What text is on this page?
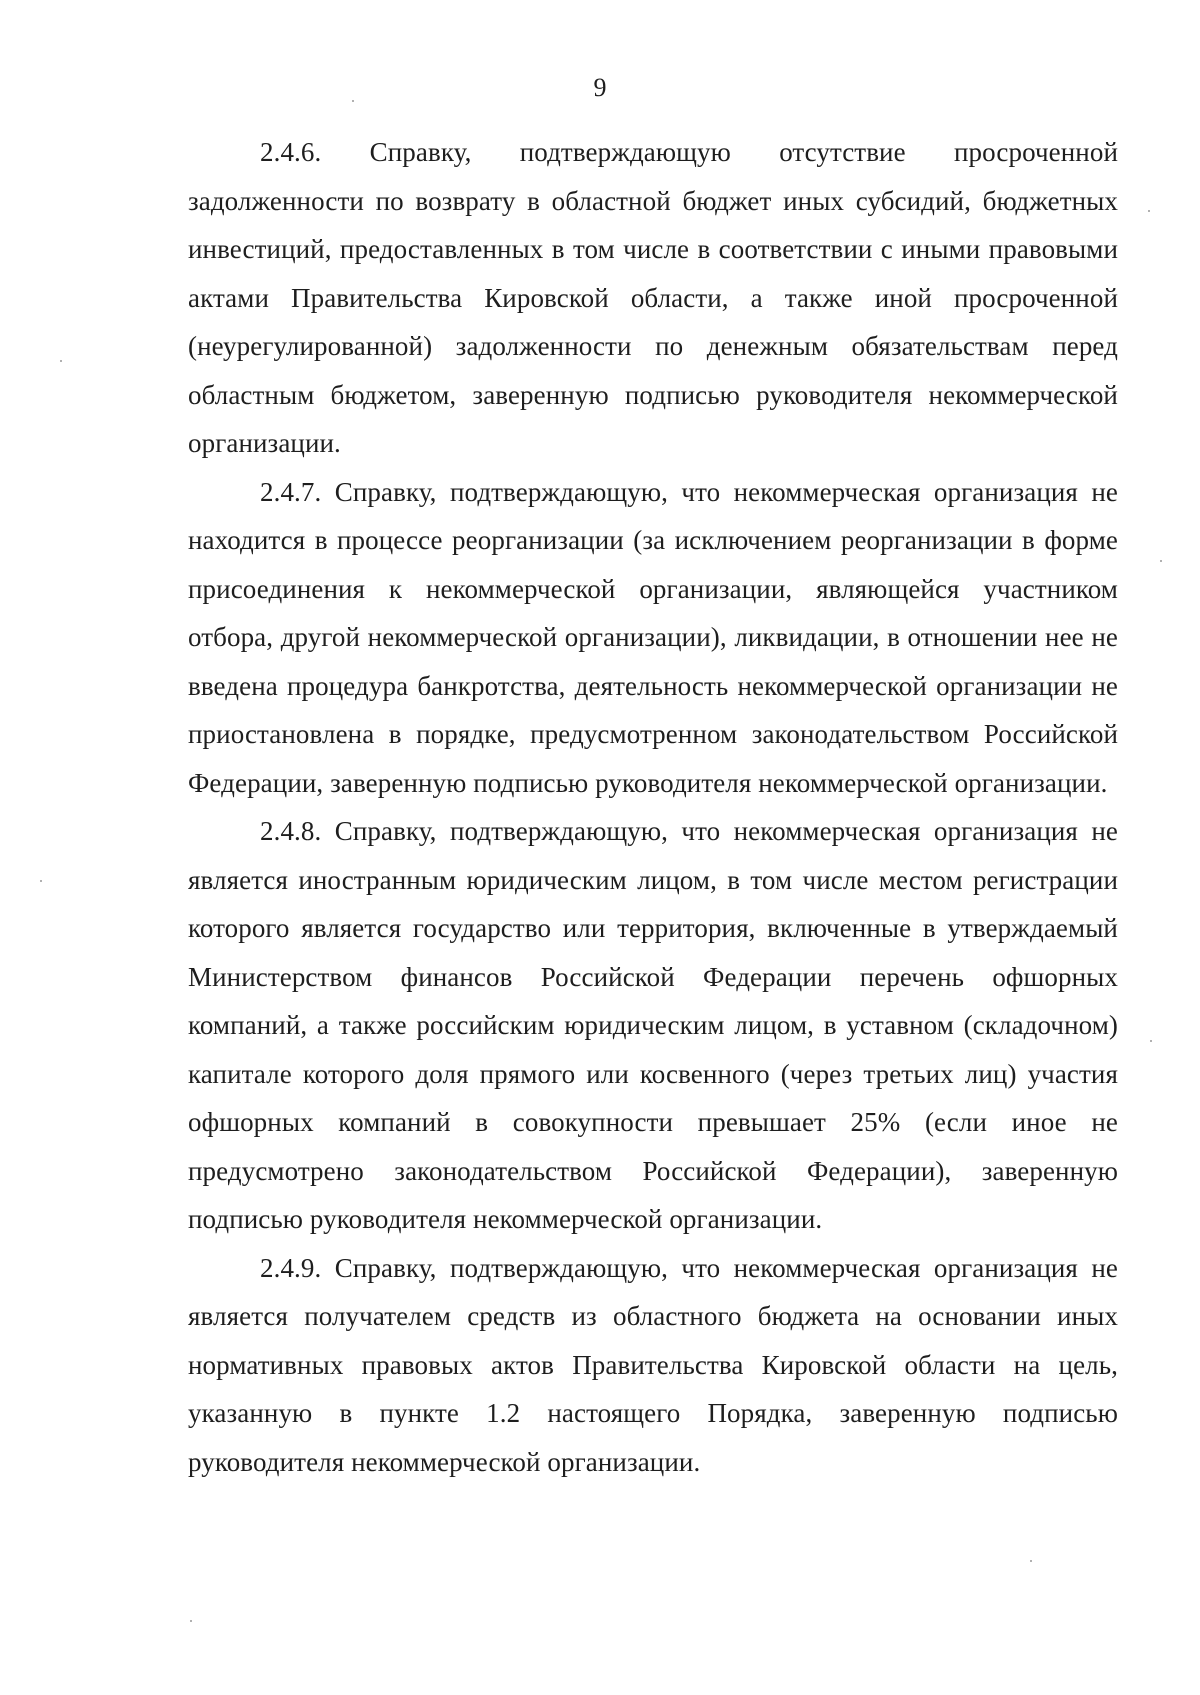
9

2.4.6. Справку, подтверждающую отсутствие просроченной задолженности по возврату в областной бюджет иных субсидий, бюджетных инвестиций, предоставленных в том числе в соответствии с иными правовыми актами Правительства Кировской области, а также иной просроченной (неурегулированной) задолженности по денежным обязательствам перед областным бюджетом, заверенную подписью руководителя некоммерческой организации.

2.4.7. Справку, подтверждающую, что некоммерческая организация не находится в процессе реорганизации (за исключением реорганизации в форме присоединения к некоммерческой организации, являющейся участником отбора, другой некоммерческой организации), ликвидации, в отношении нее не введена процедура банкротства, деятельность некоммерческой организации не приостановлена в порядке, предусмотренном законодательством Российской Федерации, заверенную подписью руководителя некоммерческой организации.

2.4.8. Справку, подтверждающую, что некоммерческая организация не является иностранным юридическим лицом, в том числе местом регистрации которого является государство или территория, включенные в утверждаемый Министерством финансов Российской Федерации перечень офшорных компаний, а также российским юридическим лицом, в уставном (складочном) капитале которого доля прямого или косвенного (через третьих лиц) участия офшорных компаний в совокупности превышает 25% (если иное не предусмотрено законодательством Российской Федерации), заверенную подписью руководителя некоммерческой организации.

2.4.9. Справку, подтверждающую, что некоммерческая организация не является получателем средств из областного бюджета на основании иных нормативных правовых актов Правительства Кировской области на цель, указанную в пункте 1.2 настоящего Порядка, заверенную подписью руководителя некоммерческой организации.
